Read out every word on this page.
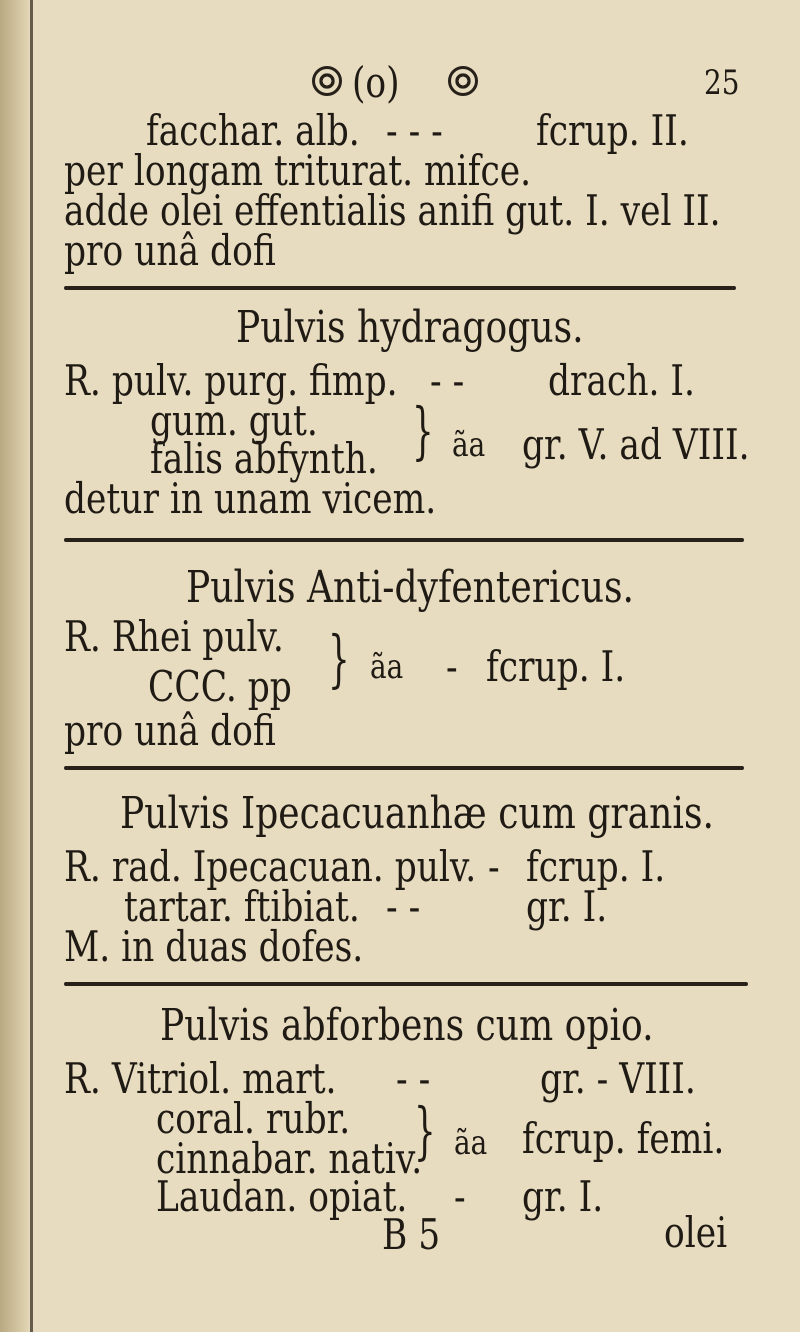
(o)	25
facchar. alb. - - - fcrup. II.
per longam triturat. mifce.
adde olei effentialis anifi gut. I. vel II.
pro unâ dofi
Pulvis hydragogus.
R. pulv. purg. fimp. - - drach. I.
gum. gut.
falis abfynth. } ãa gr. V. ad VIII.
detur in unam vicem.
Pulvis Anti-dyfentericus.
R. Rhei pulv.
CCC. pp } ãa - fcrup. I.
pro unâ dofi
Pulvis Ipecacuanhæ cum granis.
R. rad. Ipecacuan. pulv. - fcrup. I.
tartar. ftibiat. - -	gr. I.
M. in duas dofes.
Pulvis abforbens cum opio.
R. Vitriol. mart. - -	gr. - VIII.
coral. rubr.
cinnabar. nativ.
} ãa fcrup. femi.
Laudan. opiat. - gr. I.
B 5	olei
